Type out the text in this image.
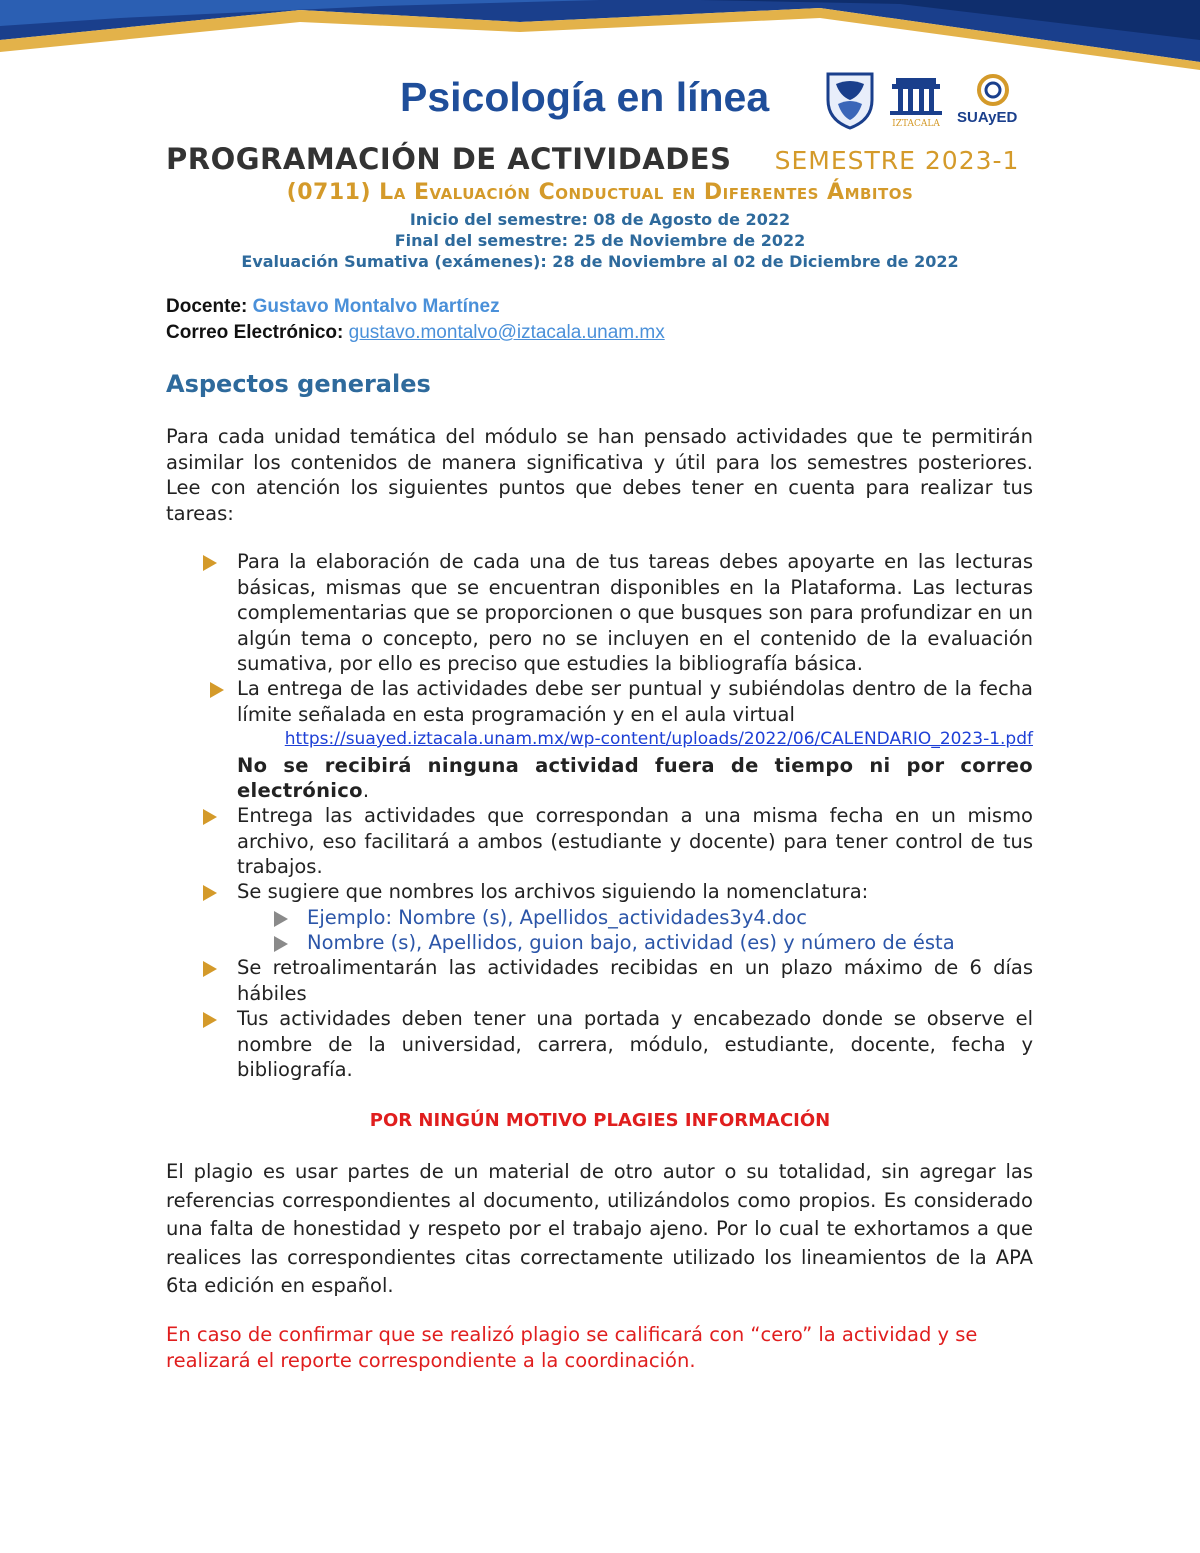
Psicología en línea
IZTACALA SUAyED
PROGRAMACIÓN DE ACTIVIDADES SEMESTRE 2023-1
(0711) La Evaluación Conductual en Diferentes Ámbitos
Inicio del semestre: 08 de Agosto de 2022
Final del semestre: 25 de Noviembre de 2022
Evaluación Sumativa (exámenes): 28 de Noviembre al 02 de Diciembre de 2022
Docente: Gustavo Montalvo Martínez
Correo Electrónico: gustavo.montalvo@iztacala.unam.mx
Aspectos generales
Para cada unidad temática del módulo se han pensado actividades que te permitirán asimilar los contenidos de manera significativa y útil para los semestres posteriores. Lee con atención los siguientes puntos que debes tener en cuenta para realizar tus tareas:
Para la elaboración de cada una de tus tareas debes apoyarte en las lecturas básicas, mismas que se encuentran disponibles en la Plataforma. Las lecturas complementarias que se proporcionen o que busques son para profundizar en un algún tema o concepto, pero no se incluyen en el contenido de la evaluación sumativa, por ello es preciso que estudies la bibliografía básica.
La entrega de las actividades debe ser puntual y subiéndolas dentro de la fecha límite señalada en esta programación y en el aula virtual
https://suayed.iztacala.unam.mx/wp-content/uploads/2022/06/CALENDARIO_2023-1.pdf
No se recibirá ninguna actividad fuera de tiempo ni por correo electrónico.
Entrega las actividades que correspondan a una misma fecha en un mismo archivo, eso facilitará a ambos (estudiante y docente) para tener control de tus trabajos.
Se sugiere que nombres los archivos siguiendo la nomenclatura:
Ejemplo: Nombre (s), Apellidos_actividades3y4.doc
Nombre (s), Apellidos, guion bajo, actividad (es) y número de ésta
Se retroalimentarán las actividades recibidas en un plazo máximo de 6 días hábiles
Tus actividades deben tener una portada y encabezado donde se observe el nombre de la universidad, carrera, módulo, estudiante, docente, fecha y bibliografía.
POR NINGÚN MOTIVO PLAGIES INFORMACIÓN
El plagio es usar partes de un material de otro autor o su totalidad, sin agregar las referencias correspondientes al documento, utilizándolos como propios. Es considerado una falta de honestidad y respeto por el trabajo ajeno. Por lo cual te exhortamos a que realices las correspondientes citas correctamente utilizado los lineamientos de la APA 6ta edición en español.
En caso de confirmar que se realizó plagio se calificará con “cero” la actividad y se realizará el reporte correspondiente a la coordinación.
